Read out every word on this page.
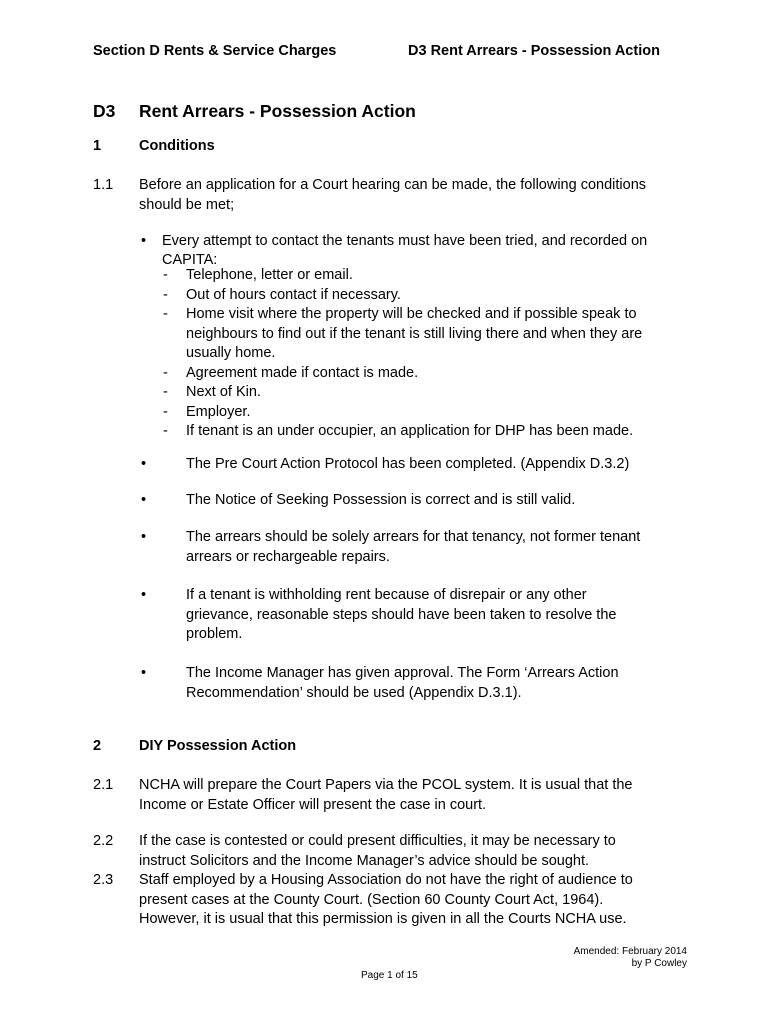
Section D Rents & Service Charges	D3 Rent Arrears - Possession Action
D3 Rent Arrears - Possession Action
1	Conditions
1.1 Before an application for a Court hearing can be made, the following conditions
should be met;
• Every attempt to contact the tenants must have been tried, and recorded on
CAPITA:
- Telephone, letter or email.
- Out of hours contact if necessary.
- Home visit where the property will be checked and if possible speak to
neighbours to find out if the tenant is still living there and when they are
usually home.
- Agreement made if contact is made.
- Next of Kin.
- Employer.
- If tenant is an under occupier, an application for DHP has been made.
•	The Pre Court Action Protocol has been completed. (Appendix D.3.2)
•	The Notice of Seeking Possession is correct and is still valid.
•	The arrears should be solely arrears for that tenancy, not former tenant
arrears or rechargeable repairs.
•	If a tenant is withholding rent because of disrepair or any other
grievance, reasonable steps should have been taken to resolve the
problem.
•	The Income Manager has given approval. The Form ‘Arrears Action
Recommendation’ should be used (Appendix D.3.1).
2	DIY Possession Action
2.1 NCHA will prepare the Court Papers via the PCOL system. It is usual that the
Income or Estate Officer will present the case in court.
2.2 If the case is contested or could present difficulties, it may be necessary to
instruct Solicitors and the Income Manager’s advice should be sought.
2.3 Staff employed by a Housing Association do not have the right of audience to
present cases at the County Court. (Section 60 County Court Act, 1964).
However, it is usual that this permission is given in all the Courts NCHA use.
Amended: February 2014
by P Cowley
Page 1 of 15
